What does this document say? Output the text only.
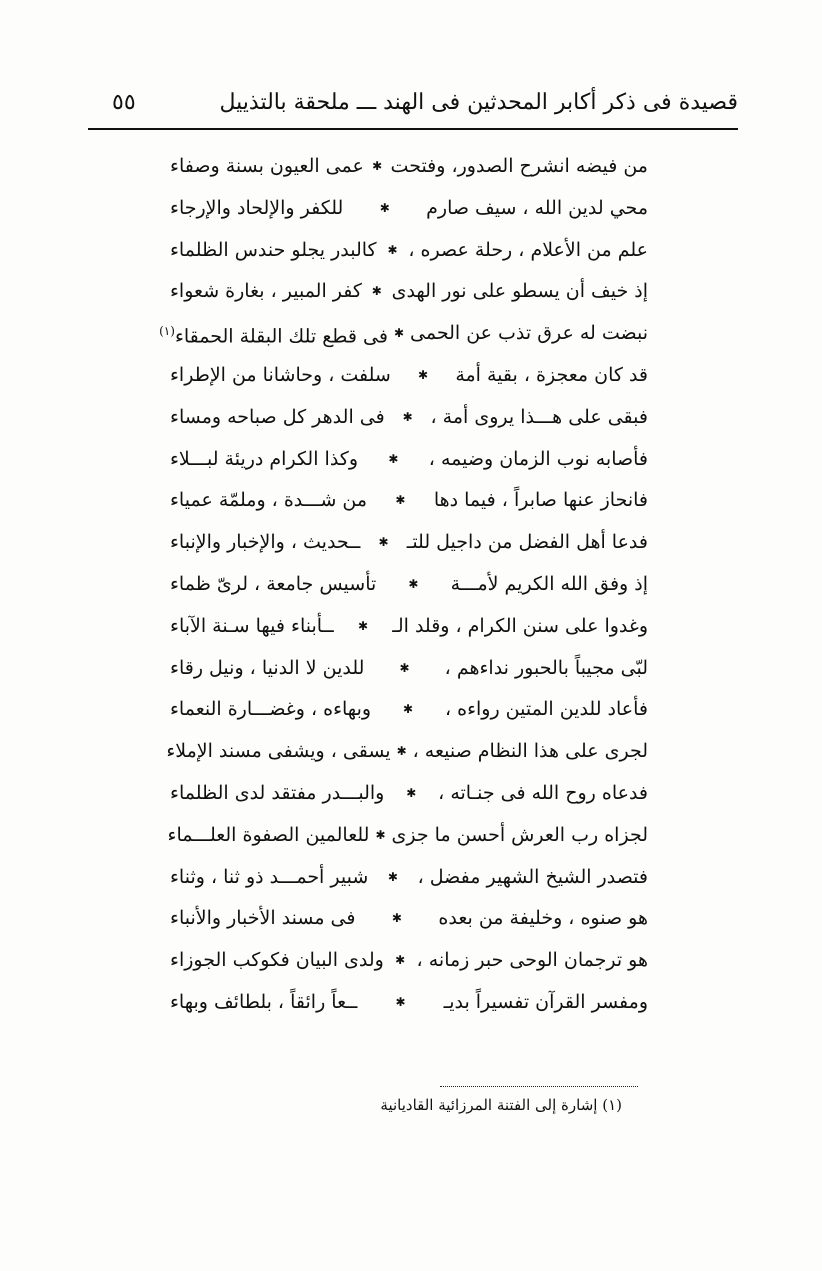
قصيدة فى ذكر أكابر المحدثين فى الهند ـــ ملحقة بالتذييل
٥٥
من فيضه انشرح الصدور، وفتحت
✱
عمى العيون بسنة وصفاء
محي لدين الله ، سيف صارم
✱
للكفر والإلحاد والإرجاء
علم من الأعلام ، رحلة عصره ،
✱
كالبدر يجلو حندس الظلماء
إذ خيف أن يسطو على نور الهدى
✱
كفر المبير ، بغارة شعواء
نبضت له عرق تذب عن الحمى
✱
فى قطع تلك البقلة الحمقاء$^{(١)}$
قد كان معجزة ، بقية أمة
✱
سلفت ، وحاشانا من الإطراء
فبقى على هـــذا يروى أمة ،
✱
فى الدهر كل صباحه ومساء
فأصابه نوب الزمان وضيمه ،
✱
وكذا الكرام دريئة لبـــلاء
فانحاز عنها صابراً ، فيما دها
✱
من شـــدة ، وملمّة عمياء
فدعا أهل الفضل من داجيل للتـ
✱
ــحديث ، والإخبار والإنباء
إذ وفق الله الكريم لأمـــة
✱
تأسيس جامعة ، لرىّ ظماء
وغدوا على سنن الكرام ، وقلد الـ
✱
ــأبناء فيها سـنة الآباء
لبّى مجيباً بالحبور نداءهم ،
✱
للدين لا الدنيا ، ونيل رقاء
فأعاد للدين المتين رواءه ،
✱
وبهاءه ، وغضـــارة النعماء
لجرى على هذا النظام صنيعه ،
✱
يسقى ، ويشفى مسند الإملاء
فدعاه روح الله فى جنـاته ،
✱
والبـــدر مفتقد لدى الظلماء
لجزاه رب العرش أحسن ما جزى
✱
للعالمين الصفوة العلـــماء
فتصدر الشيخ الشهير مفضل ،
✱
شبير أحمـــد ذو ثنا ، وثناء
هو صنوه ، وخليفة من بعده
✱
فى مسند الأخبار والأنباء
هو ترجمان الوحى حبر زمانه ،
✱
ولدى البيان فكوكب الجوزاء
ومفسر القرآن تفسيراً بديـ
✱
ــعاً رائقاً ، بلطائف وبهاء
(١) إشارة إلى الفتنة المرزائية القاديانية
